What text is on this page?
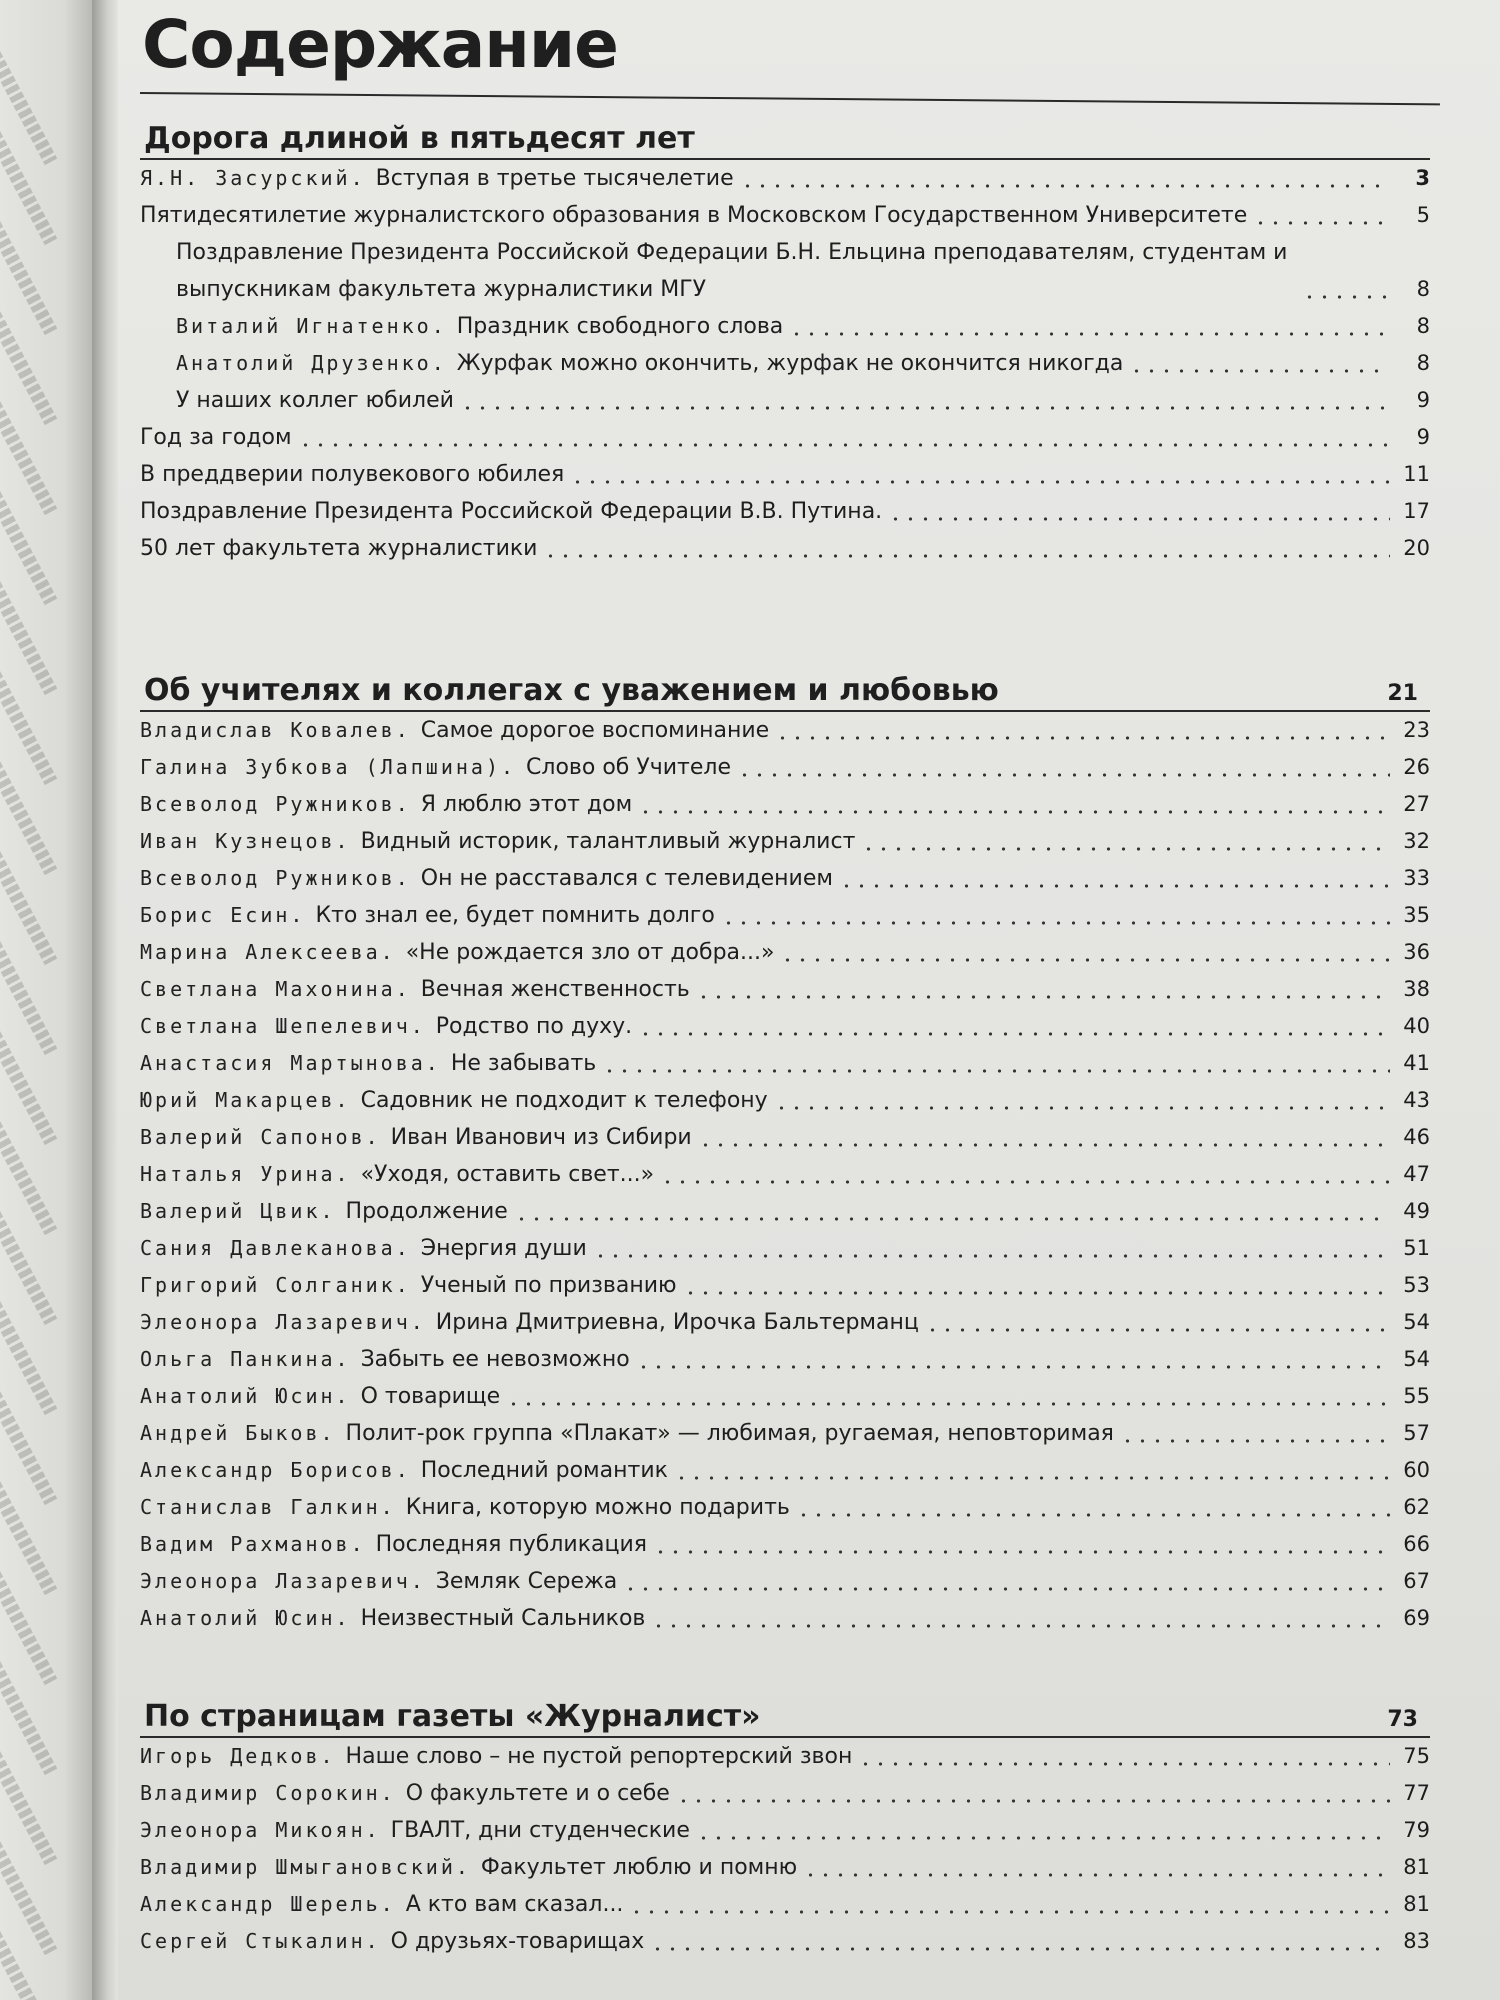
Содержание
Дорога длиной в пятьдесят лет
Я.Н. Засурский. Вступая в третье тысячелетие	3
Пятидесятилетие журналистского образования в Московском Государственном Университете	5
Поздравление Президента Российской Федерации Б.Н. Ельцина преподавателям, студентам и выпускникам факультета журналистики МГУ	8
Виталий Игнатенко. Праздник свободного слова	8
Анатолий Друзенко. Журфак можно окончить, журфак не окончится никогда	8
У наших коллег юбилей	9
Год за годом	9
В преддверии полувекового юбилея	11
Поздравление Президента Российской Федерации В.В. Путина.	17
50 лет факультета журналистики	20
Об учителях и коллегах с уважением и любовью	21
Владислав Ковалев. Самое дорогое воспоминание	23
Галина Зубкова (Лапшина). Слово об Учителе	26
Всеволод Ружников. Я люблю этот дом	27
Иван Кузнецов. Видный историк, талантливый журналист	32
Всеволод Ружников. Он не расставался с телевидением	33
Борис Есин. Кто знал ее, будет помнить долго	35
Марина Алексеева. «Не рождается зло от добра...»	36
Светлана Махонина. Вечная женственность	38
Светлана Шепелевич. Родство по духу.	40
Анастасия Мартынова. Не забывать	41
Юрий Макарцев. Садовник не подходит к телефону	43
Валерий Сапонов. Иван Иванович из Сибири	46
Наталья Урина. «Уходя, оставить свет...»	47
Валерий Цвик. Продолжение	49
Сания Давлеканова. Энергия души	51
Григорий Солганик. Ученый по призванию	53
Элеонора Лазаревич. Ирина Дмитриевна, Ирочка Бальтерманц	54
Ольга Панкина. Забыть ее невозможно	54
Анатолий Юсин. О товарище	55
Андрей Быков. Полит-рок группа «Плакат» — любимая, ругаемая, неповторимая	57
Александр Борисов. Последний романтик	60
Станислав Галкин. Книга, которую можно подарить	62
Вадим Рахманов. Последняя публикация	66
Элеонора Лазаревич. Земляк Сережа	67
Анатолий Юсин. Неизвестный Сальников	69
По страницам газеты «Журналист»	73
Игорь Дедков. Наше слово – не пустой репортерский звон	75
Владимир Сорокин. О факультете и о себе	77
Элеонора Микоян. ГВАЛТ, дни студенческие	79
Владимир Шмыгановский. Факультет люблю и помню	81
Александр Шерель. А кто вам сказал...	81
Сергей Стыкалин. О друзьях-товарищах	83
